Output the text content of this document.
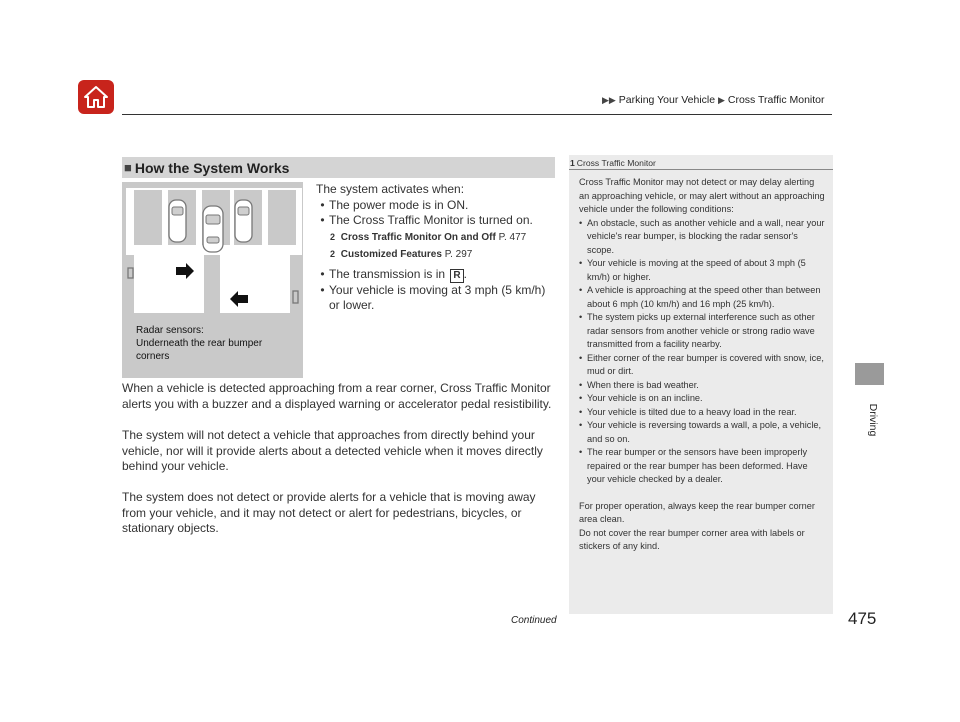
▶▶ Parking Your Vehicle ▶ Cross Traffic Monitor
Driving
■ How the System Works
Radar sensors:
Underneath the rear bumper
corners
The system activates when:
• The power mode is in ON.
• The Cross Traffic Monitor is turned on.
2 Cross Traffic Monitor On and Off P. 477
2 Customized Features P. 297
• The transmission is in R .
• Your vehicle is moving at 3 mph (5 km/h) or lower.
When a vehicle is detected approaching from a rear corner, Cross Traffic Monitor alerts you with a buzzer and a displayed warning or accelerator pedal resistibility.
The system will not detect a vehicle that approaches from directly behind your vehicle, nor will it provide alerts about a detected vehicle when it moves directly behind your vehicle.
The system does not detect or provide alerts for a vehicle that is moving away from your vehicle, and it may not detect or alert for pedestrians, bicycles, or stationary objects.
1 Cross Traffic Monitor
Cross Traffic Monitor may not detect or may delay alerting an approaching vehicle, or may alert without an approaching vehicle under the following conditions:
• An obstacle, such as another vehicle and a wall, near your vehicle's rear bumper, is blocking the radar sensor's scope.
• Your vehicle is moving at the speed of about 3 mph (5 km/h) or higher.
• A vehicle is approaching at the speed other than between about 6 mph (10 km/h) and 16 mph (25 km/h).
• The system picks up external interference such as other radar sensors from another vehicle or strong radio wave transmitted from a facility nearby.
• Either corner of the rear bumper is covered with snow, ice, mud or dirt.
• When there is bad weather.
• Your vehicle is on an incline.
• Your vehicle is tilted due to a heavy load in the rear.
• Your vehicle is reversing towards a wall, a pole, a vehicle, and so on.
• The rear bumper or the sensors have been improperly repaired or the rear bumper has been deformed. Have your vehicle checked by a dealer.
For proper operation, always keep the rear bumper corner area clean.
Do not cover the rear bumper corner area with labels or stickers of any kind.
Continued	475
